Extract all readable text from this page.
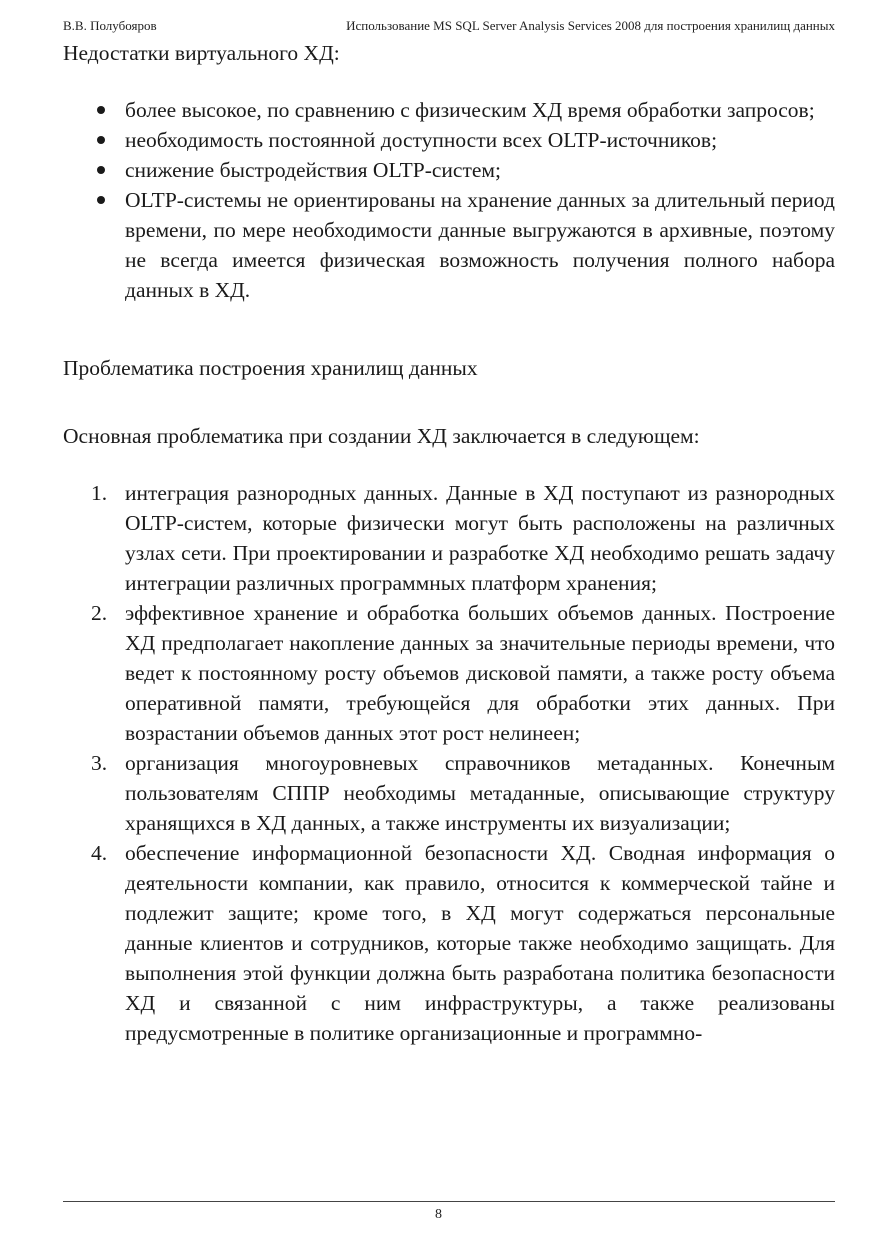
В.В. Полубояров	Использование MS SQL Server Analysis Services 2008 для построения хранилищ данных

Недостатки виртуального ХД:

более высокое, по сравнению с физическим ХД время обработки запросов;
необходимость постоянной доступности всех OLTP-источников;
снижение быстродействия OLTP-систем;
OLTP-системы не ориентированы на хранение данных за длительный период времени, по мере необходимости данные выгружаются в архивные, поэтому не всегда имеется физическая возможность получения полного набора данных в ХД.

Проблематика построения хранилищ данных

Основная проблематика при создании ХД заключается в следующем:

1. интеграция разнородных данных. Данные в ХД поступают из разнородных OLTP-систем, которые физически могут быть расположены на различных узлах сети. При проектировании и разработке ХД необходимо решать задачу интеграции различных программных платформ хранения;
2. эффективное хранение и обработка больших объемов данных. Построение ХД предполагает накопление данных за значительные периоды времени, что ведет к постоянному росту объемов дисковой памяти, а также росту объема оперативной памяти, требующейся для обработки этих данных. При возрастании объемов данных этот рост нелинеен;
3. организация многоуровневых справочников метаданных. Конечным пользователям СППР необходимы метаданные, описывающие структуру хранящихся в ХД данных, а также инструменты их визуализации;
4. обеспечение информационной безопасности ХД. Сводная информация о деятельности компании, как правило, относится к коммерческой тайне и подлежит защите; кроме того, в ХД могут содержаться персональные данные клиентов и сотрудников, которые также необходимо защищать. Для выполнения этой функции должна быть разработана политика безопасности ХД и связанной с ним инфраструктуры, а также реализованы предусмотренные в политике организационные и программно-
8
